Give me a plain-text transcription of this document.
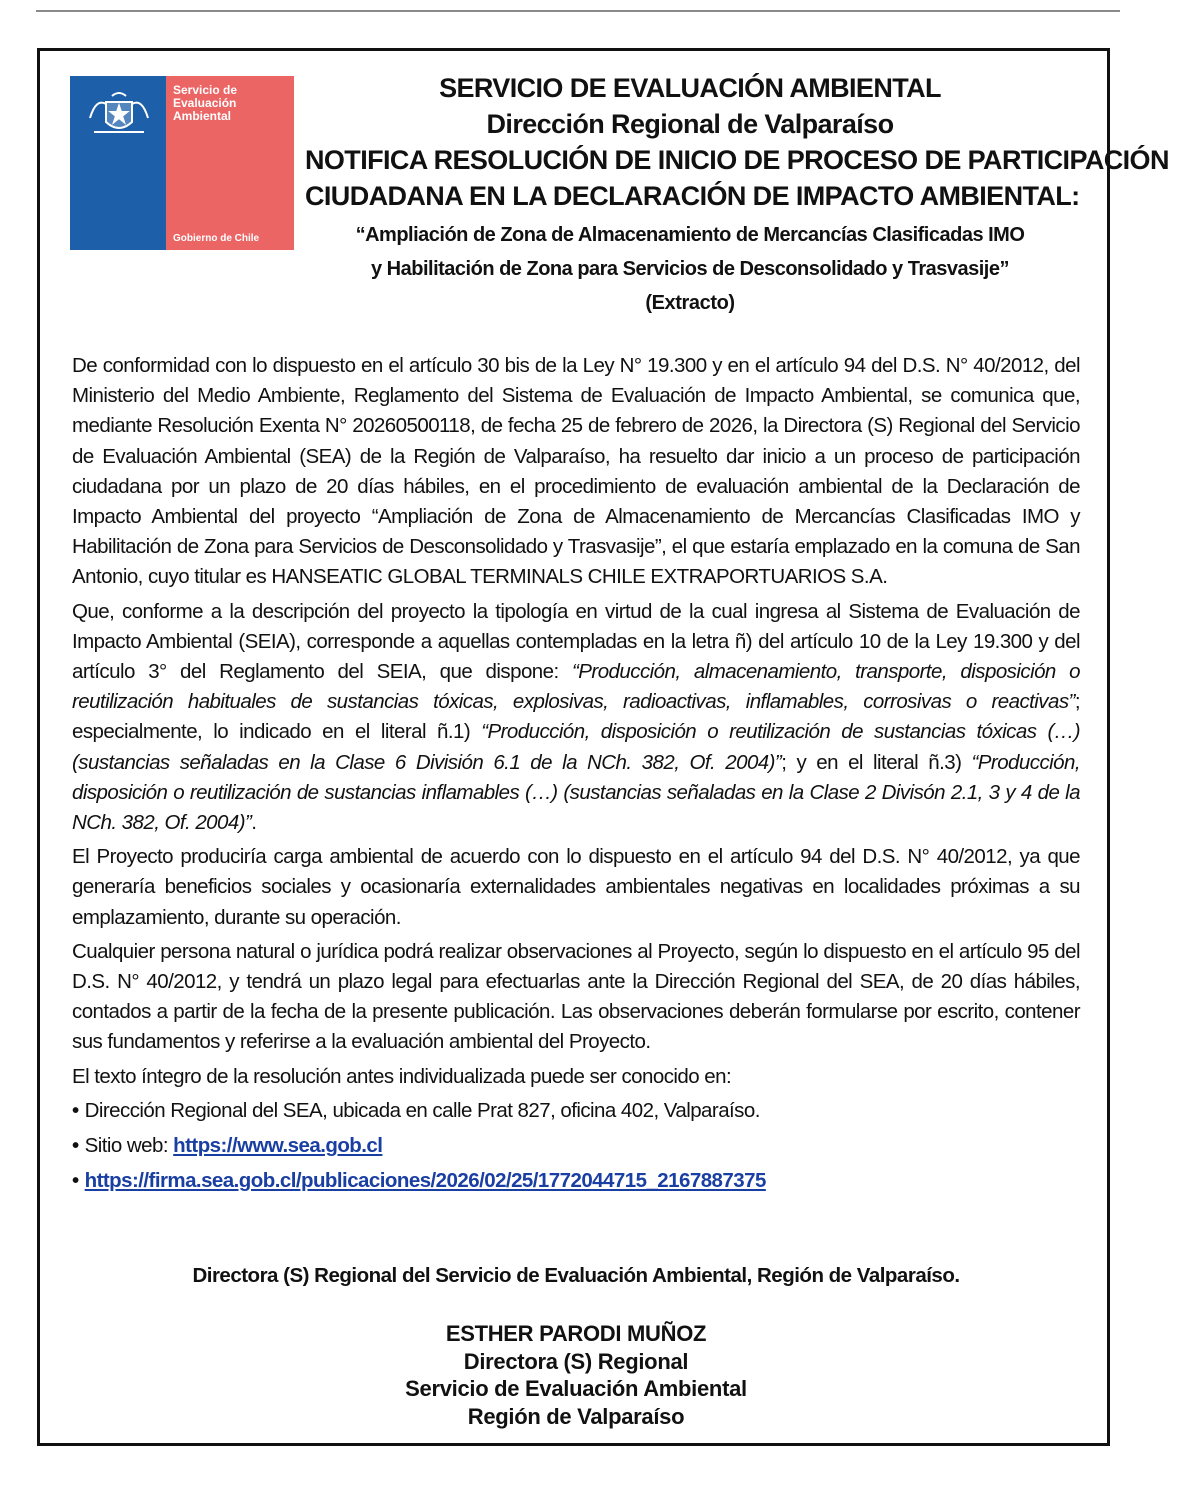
Servicio de
Evaluación
Ambiental

Gobierno de Chile
SERVICIO DE EVALUACIÓN AMBIENTAL
Dirección Regional de Valparaíso
NOTIFICA RESOLUCIÓN DE INICIO DE PROCESO DE PARTICIPACIÓN
CIUDADANA EN LA DECLARACIÓN DE IMPACTO AMBIENTAL:
“Ampliación de Zona de Almacenamiento de Mercancías Clasificadas IMO
y Habilitación de Zona para Servicios de Desconsolidado y Trasvasije”
(Extracto)

De conformidad con lo dispuesto en el artículo 30 bis de la Ley N° 19.300 y en el artículo 94 del D.S. N° 40/2012, del Ministerio del Medio Ambiente, Reglamento del Sistema de Evaluación de Impacto Ambiental, se comunica que, mediante Resolución Exenta N° 20260500118, de fecha 25 de febrero de 2026, la Directora (S) Regional del Servicio de Evaluación Ambiental (SEA) de la Región de Valparaíso, ha resuelto dar inicio a un proceso de participación ciudadana por un plazo de 20 días hábiles, en el procedimiento de evaluación ambiental de la Declaración de Impacto Ambiental del proyecto “Ampliación de Zona de Almacenamiento de Mercancías Clasificadas IMO y Habilitación de Zona para Servicios de Desconsolidado y Trasvasije”, el que estaría emplazado en la comuna de San Antonio, cuyo titular es HANSEATIC GLOBAL TERMINALS CHILE EXTRAPORTUARIOS S.A.

Que, conforme a la descripción del proyecto la tipología en virtud de la cual ingresa al Sistema de Evaluación de Impacto Ambiental (SEIA), corresponde a aquellas contempladas en la letra ñ) del artículo 10 de la Ley 19.300 y del artículo 3° del Reglamento del SEIA, que dispone: “Producción, almacenamiento, transporte, disposición o reutilización habituales de sustancias tóxicas, explosivas, radioactivas, inflamables, corrosivas o reactivas”; especialmente, lo indicado en el literal ñ.1) “Producción, disposición o reutilización de sustancias tóxicas (…) (sustancias señaladas en la Clase 6 División 6.1 de la NCh. 382, Of. 2004)”; y en el literal ñ.3) “Producción, disposición o reutilización de sustancias inflamables (…) (sustancias señaladas en la Clase 2 Divisón 2.1, 3 y 4 de la NCh. 382, Of. 2004)”.

El Proyecto produciría carga ambiental de acuerdo con lo dispuesto en el artículo 94 del D.S. N° 40/2012, ya que generaría beneficios sociales y ocasionaría externalidades ambientales negativas en localidades próximas a su emplazamiento, durante su operación.

Cualquier persona natural o jurídica podrá realizar observaciones al Proyecto, según lo dispuesto en el artículo 95 del D.S. N° 40/2012, y tendrá un plazo legal para efectuarlas ante la Dirección Regional del SEA, de 20 días hábiles, contados a partir de la fecha de la presente publicación. Las observaciones deberán formularse por escrito, contener sus fundamentos y referirse a la evaluación ambiental del Proyecto.

El texto íntegro de la resolución antes individualizada puede ser conocido en:

• Dirección Regional del SEA, ubicada en calle Prat 827, oficina 402, Valparaíso.
• Sitio web: https://www.sea.gob.cl
• https://firma.sea.gob.cl/publicaciones/2026/02/25/1772044715_2167887375
Directora (S) Regional del Servicio de Evaluación Ambiental, Región de Valparaíso.
ESTHER PARODI MUÑOZ
Directora (S) Regional
Servicio de Evaluación Ambiental
Región de Valparaíso
